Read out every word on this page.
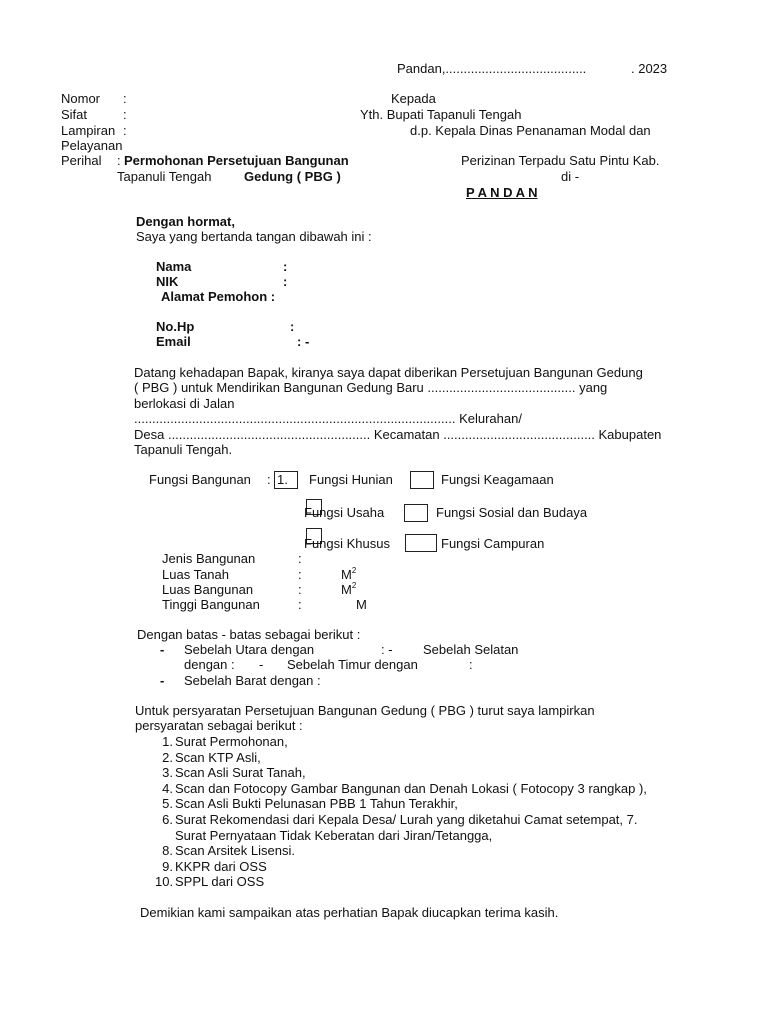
Pandan,.......................................	. 2023
Nomor :	Kepada
Sifat	:	Yth. Bupati Tapanuli Tengah
Lampiran :	d.p. Kepala Dinas Penanaman Modal dan
Pelayanan
Perihal : Permohonan Persetujuan Bangunan	Perizinan Terpadu Satu Pintu Kab.
Tapanuli Tengah	Gedung ( PBG )	di -
P A N D A N
Dengan hormat,
Saya yang bertanda tangan dibawah ini :
Nama	:
NIK	:
Alamat Pemohon :
No.Hp	:
Email	: -
Datang kehadapan Bapak, kiranya saya dapat diberikan Persetujuan Bangunan Gedung
( PBG ) untuk Mendirikan Bangunan Gedung Baru ......................................... yang
berlokasi di Jalan
......................................................................................... Kelurahan/
Desa ........................................................ Kecamatan .......................................... Kabupaten
Tapanuli Tengah.
Fungsi Bangunan : 1.	Fungsi Hunian	Fungsi Keagamaan
Fungsi Usaha	Fungsi Sosial dan Budaya
Fungsi Khusus	Fungsi Campuran
Jenis Bangunan	:
Luas Tanah	:	$M^2$
Luas Bangunan	:	$M^2$
Tinggi Bangunan	:	M
Dengan batas - batas sebagai berikut :
- Sebelah Utara dengan	: - Sebelah Selatan
dengan : - Sebelah Timur dengan	:
- Sebelah Barat dengan :
Untuk persyaratan Persetujuan Bangunan Gedung ( PBG ) turut saya lampirkan
persyaratan sebagai berikut :
1. Surat Permohonan,
2. Scan KTP Asli,
3. Scan Asli Surat Tanah,
4. Scan dan Fotocopy Gambar Bangunan dan Denah Lokasi ( Fotocopy 3 rangkap ),
5. Scan Asli Bukti Pelunasan PBB 1 Tahun Terakhir,
6. Surat Rekomendasi dari Kepala Desa/ Lurah yang diketahui Camat setempat, 7.
Surat Pernyataan Tidak Keberatan dari Jiran/Tetangga,
8. Scan Arsitek Lisensi.
9. KKPR dari OSS
10. SPPL dari OSS
Demikian kami sampaikan atas perhatian Bapak diucapkan terima kasih.
